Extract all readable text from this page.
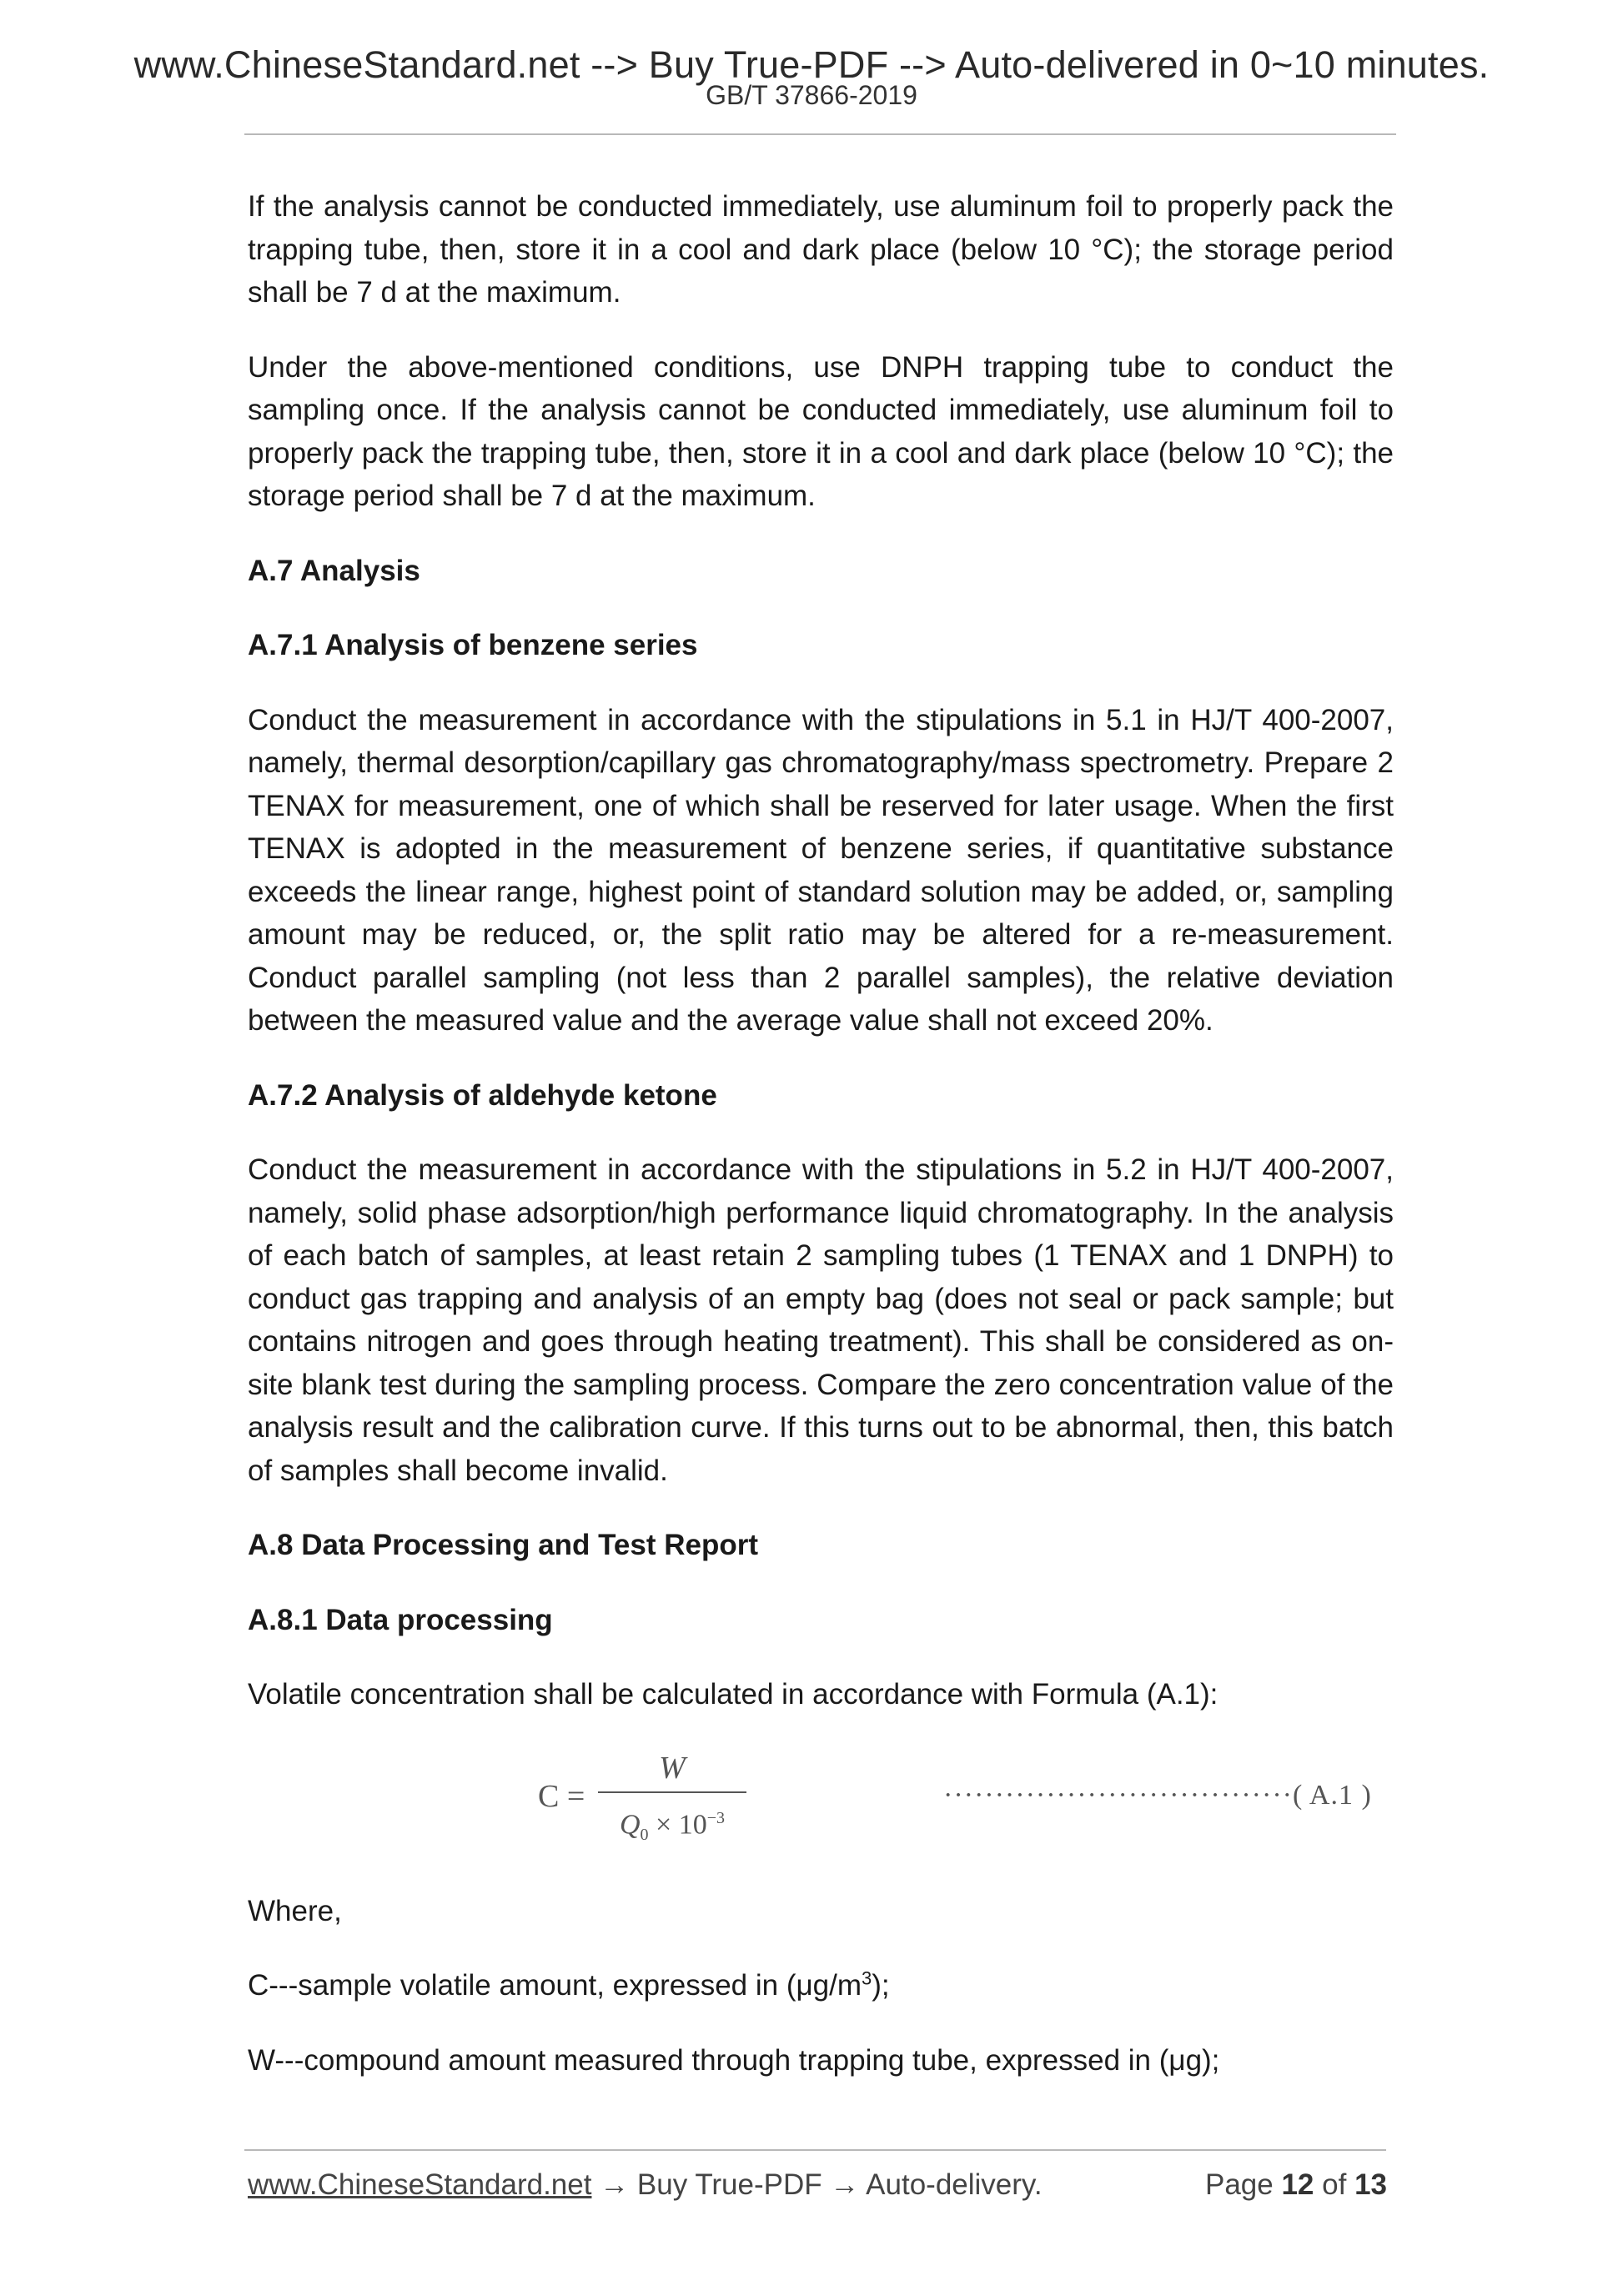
www.ChineseStandard.net --> Buy True-PDF --> Auto-delivered in 0~10 minutes.
GB/T 37866-2019

If the analysis cannot be conducted immediately, use aluminum foil to properly pack the trapping tube, then, store it in a cool and dark place (below 10 °C); the storage period shall be 7 d at the maximum.

Under the above-mentioned conditions, use DNPH trapping tube to conduct the sampling once. If the analysis cannot be conducted immediately, use aluminum foil to properly pack the trapping tube, then, store it in a cool and dark place (below 10 °C); the storage period shall be 7 d at the maximum.

A.7 Analysis
A.7.1 Analysis of benzene series

Conduct the measurement in accordance with the stipulations in 5.1 in HJ/T 400-2007, namely, thermal desorption/capillary gas chromatography/mass spectrometry. Prepare 2 TENAX for measurement, one of which shall be reserved for later usage. When the first TENAX is adopted in the measurement of benzene series, if quantitative substance exceeds the linear range, highest point of standard solution may be added, or, sampling amount may be reduced, or, the split ratio may be altered for a re-measurement. Conduct parallel sampling (not less than 2 parallel samples), the relative deviation between the measured value and the average value shall not exceed 20%.

A.7.2 Analysis of aldehyde ketone

Conduct the measurement in accordance with the stipulations in 5.2 in HJ/T 400-2007, namely, solid phase adsorption/high performance liquid chromatography. In the analysis of each batch of samples, at least retain 2 sampling tubes (1 TENAX and 1 DNPH) to conduct gas trapping and analysis of an empty bag (does not seal or pack sample; but contains nitrogen and goes through heating treatment). This shall be considered as on-site blank test during the sampling process. Compare the zero concentration value of the analysis result and the calibration curve. If this turns out to be abnormal, then, this batch of samples shall become invalid.

A.8 Data Processing and Test Report
A.8.1 Data processing

Volatile concentration shall be calculated in accordance with Formula (A.1):

C =
W
$Q_0 \times 10^{-3}$
··································( A.1 )

Where,

C---sample volatile amount, expressed in $(\mu g/m^3)$;

W---compound amount measured through trapping tube, expressed in (μg);

www.ChineseStandard.net → Buy True-PDF → Auto-delivery.	Page 12 of 13
